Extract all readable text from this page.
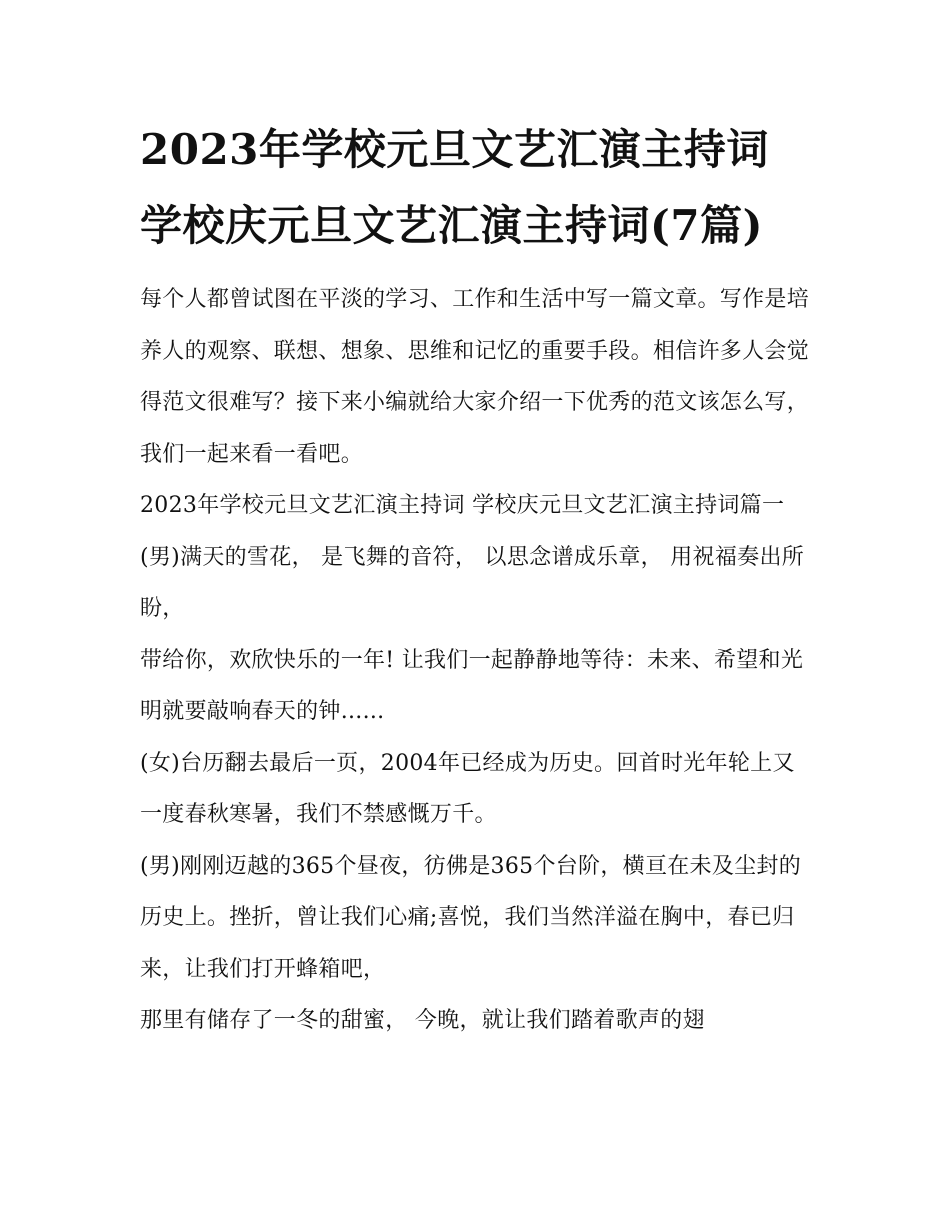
2023年学校元旦文艺汇演主持词 学校庆元旦文艺汇演主持词(7篇)

每个人都曾试图在平淡的学习、工作和生活中写一篇文章。写作是培养人的观察、联想、想象、思维和记忆的重要手段。相信许多人会觉得范文很难写？接下来小编就给大家介绍一下优秀的范文该怎么写，我们一起来看一看吧。

2023年学校元旦文艺汇演主持词 学校庆元旦文艺汇演主持词篇一 (男)满天的雪花， 是飞舞的音符， 以思念谱成乐章， 用祝福奏出所盼，

带给你，欢欣快乐的一年! 让我们一起静静地等待：未来、希望和光明就要敲响春天的钟......

(女)台历翻去最后一页，2004年已经成为历史。回首时光年轮上又一度春秋寒暑，我们不禁感慨万千。

(男)刚刚迈越的365个昼夜，彷佛是365个台阶，横亘在未及尘封的历史上。挫折，曾让我们心痛;喜悦，我们当然洋溢在胸中，春已归来，让我们打开蜂箱吧，

那里有储存了一冬的甜蜜， 今晚，就让我们踏着歌声的翅
